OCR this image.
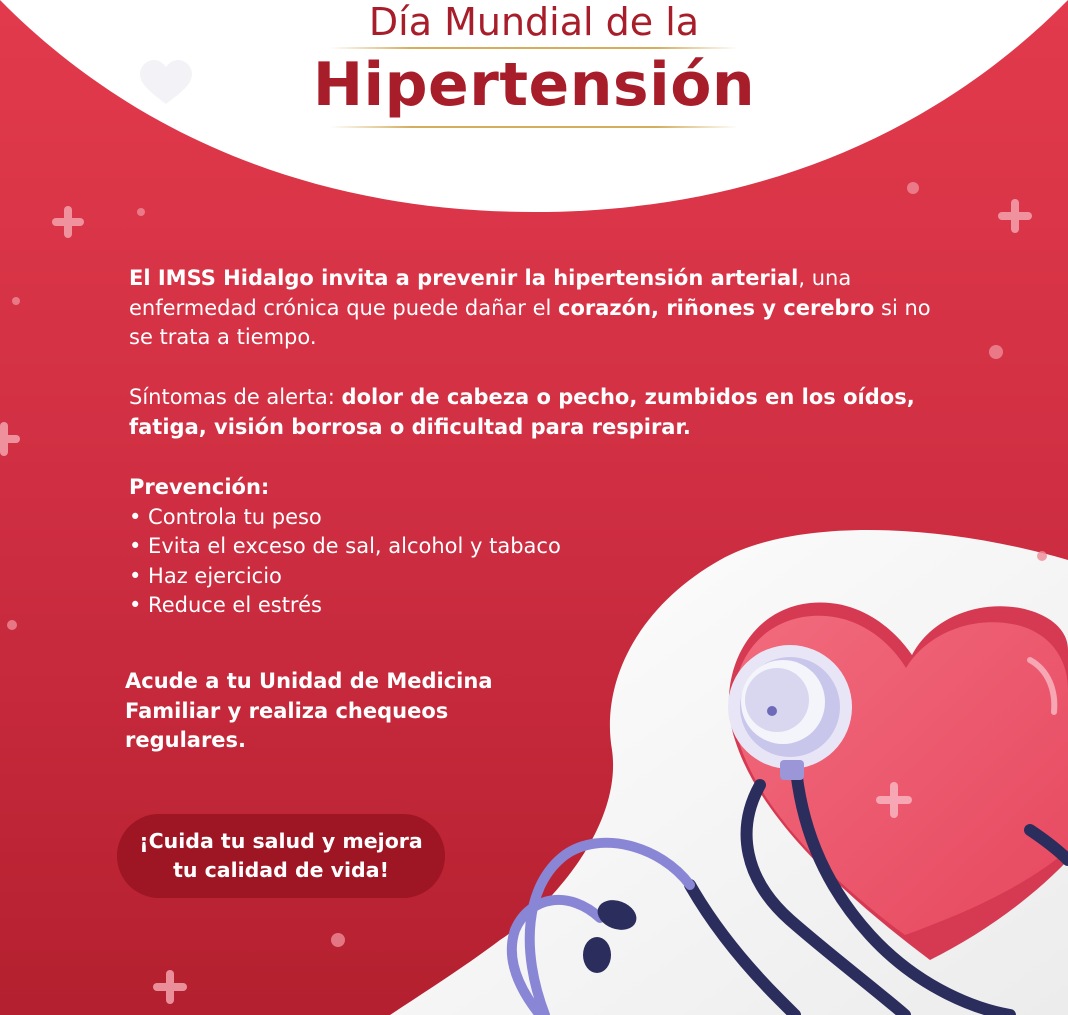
Día Mundial de la
Hipertensión
El IMSS Hidalgo invita a prevenir la hipertensión arterial, una enfermedad crónica que puede dañar el corazón, riñones y cerebro si no se trata a tiempo.
Síntomas de alerta: dolor de cabeza o pecho, zumbidos en los oídos, fatiga, visión borrosa o dificultad para respirar.
Prevención:
• Controla tu peso
• Evita el exceso de sal, alcohol y tabaco
• Haz ejercicio
• Reduce el estrés
Acude a tu Unidad de Medicina
Familiar y realiza chequeos
regulares.
¡Cuida tu salud y mejora
tu calidad de vida!
